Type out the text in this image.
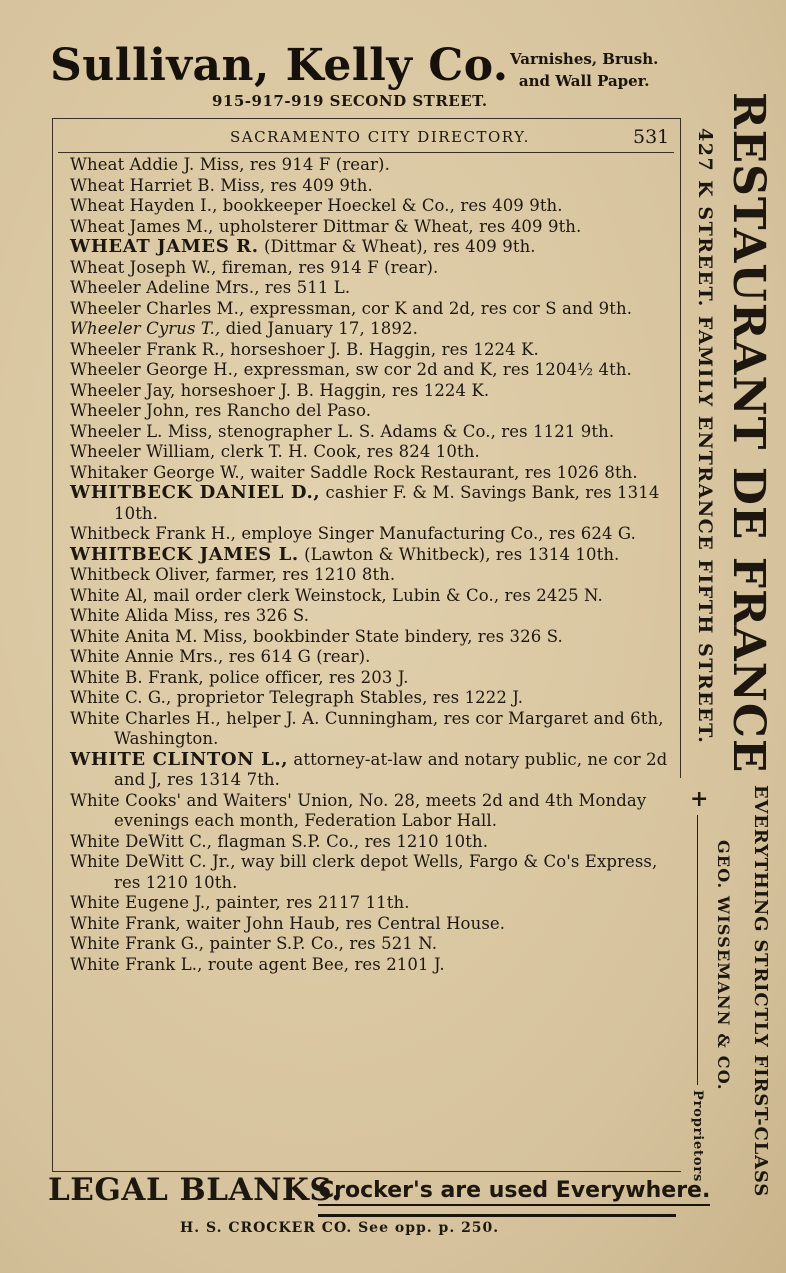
Sullivan, Kelly Co. Varnishes, Brush.
and Wall Paper.
915-917-919 SECOND STREET.
SACRAMENTO CITY DIRECTORY.	531
Wheat Addie J. Miss, res 914 F (rear).
Wheat Harriet B. Miss, res 409 9th.
Wheat Hayden I., bookkeeper Hoeckel & Co., res 409 9th.
Wheat James M., upholsterer Dittmar & Wheat, res 409 9th.
WHEAT JAMES R. (Dittmar & Wheat), res 409 9th.
Wheat Joseph W., fireman, res 914 F (rear).
Wheeler Adeline Mrs., res 511 L.
Wheeler Charles M., expressman, cor K and 2d, res cor S and 9th.
Wheeler Cyrus T., died January 17, 1892.
Wheeler Frank R., horseshoer J. B. Haggin, res 1224 K.
Wheeler George H., expressman, sw cor 2d and K, res 1204½ 4th.
Wheeler Jay, horseshoer J. B. Haggin, res 1224 K.
Wheeler John, res Rancho del Paso.
Wheeler L. Miss, stenographer L. S. Adams & Co., res 1121 9th.
Wheeler William, clerk T. H. Cook, res 824 10th.
Whitaker George W., waiter Saddle Rock Restaurant, res 1026 8th.
WHITBECK DANIEL D., cashier F. & M. Savings Bank, res 1314 10th.
Whitbeck Frank H., employe Singer Manufacturing Co., res 624 G.
WHITBECK JAMES L. (Lawton & Whitbeck), res 1314 10th.
Whitbeck Oliver, farmer, res 1210 8th.
White Al, mail order clerk Weinstock, Lubin & Co., res 2425 N.
White Alida Miss, res 326 S.
White Anita M. Miss, bookbinder State bindery, res 326 S.
White Annie Mrs., res 614 G (rear).
White B. Frank, police officer, res 203 J.
White C. G., proprietor Telegraph Stables, res 1222 J.
White Charles H., helper J. A. Cunningham, res cor Margaret and 6th, Washington.
WHITE CLINTON L., attorney-at-law and notary public, ne cor 2d and J, res 1314 7th.
White Cooks' and Waiters' Union, No. 28, meets 2d and 4th Monday evenings each month, Federation Labor Hall.
White DeWitt C., flagman S.P. Co., res 1210 10th.
White DeWitt C. Jr., way bill clerk depot Wells, Fargo & Co's Express, res 1210 10th.
White Eugene J., painter, res 2117 11th.
White Frank, waiter John Haub, res Central House.
White Frank G., painter S.P. Co., res 521 N.
White Frank L., route agent Bee, res 2101 J.
RESTAURANT DE FRANCE
427 K STREET. FAMILY ENTRANCE FIFTH STREET.
+ EVERYTHING STRICTLY FIRST-CLASS
GEO. WISSEMANN & CO.
Proprietors
LEGAL BLANKS.
Crocker's are used Everywhere.
H. S. CROCKER CO. See opp. p. 250.
